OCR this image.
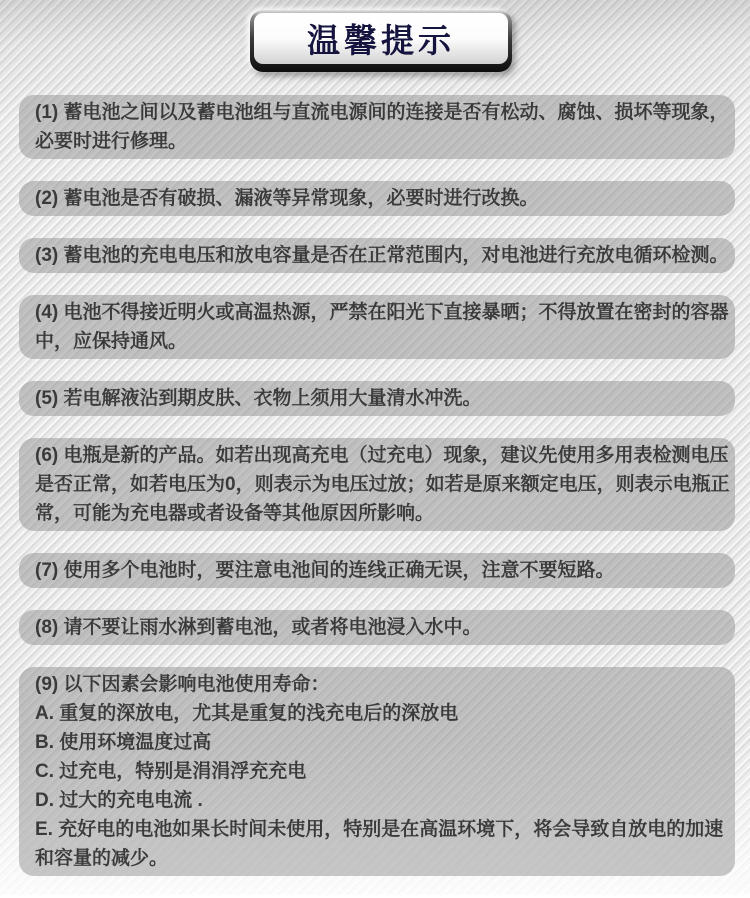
温馨提示
(1) 蓄电池之间以及蓄电池组与直流电源间的连接是否有松动、腐蚀、损坏等现象，
必要时进行修理。
(2) 蓄电池是否有破损、漏液等异常现象，必要时进行改换。
(3) 蓄电池的充电电压和放电容量是否在正常范围内，对电池进行充放电循环检测。
(4) 电池不得接近明火或高温热源，严禁在阳光下直接暴晒；不得放置在密封的容器
中，应保持通风。
(5) 若电解液沾到期皮肤、衣物上须用大量清水冲洗。
(6) 电瓶是新的产品。如若出现高充电（过充电）现象，建议先使用多用表检测电压
是否正常，如若电压为0，则表示为电压过放；如若是原来额定电压，则表示电瓶正
常，可能为充电器或者设备等其他原因所影响。
(7) 使用多个电池时，要注意电池间的连线正确无误，注意不要短路。
(8) 请不要让雨水淋到蓄电池，或者将电池浸入水中。
(9) 以下因素会影响电池使用寿命：
A. 重复的深放电，尤其是重复的浅充电后的深放电
B. 使用环境温度过高
C. 过充电，特别是涓涓浮充充电
D. 过大的充电电流 .
E. 充好电的电池如果长时间未使用，特别是在高温环境下，将会导致自放电的加速
和容量的减少。
